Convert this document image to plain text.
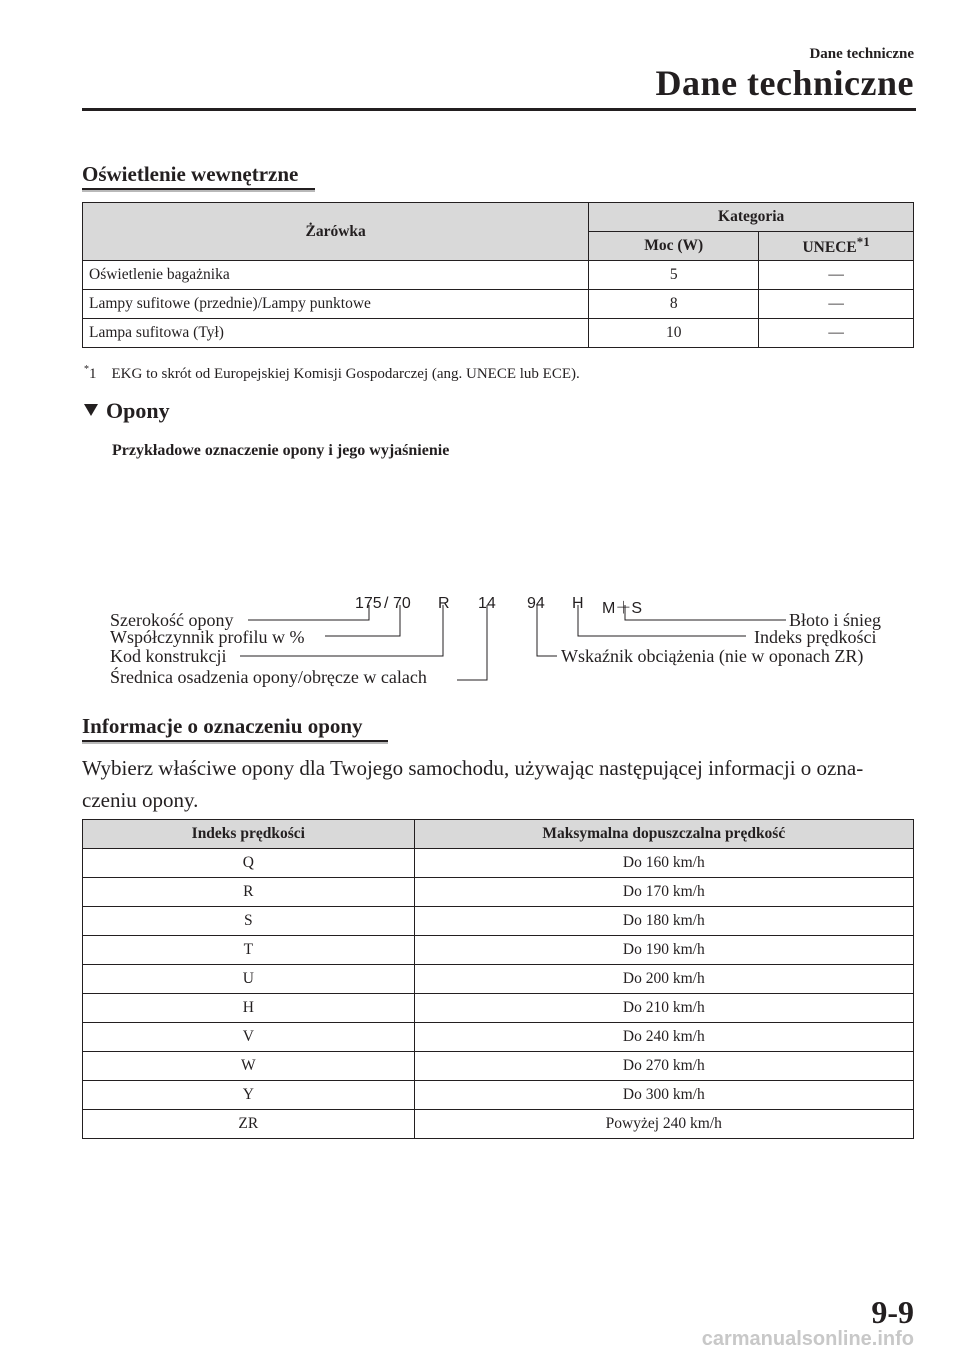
Dane techniczne
Dane techniczne
Oświetlenie wewnętrzne
Żarówka	Kategoria	
	Moc (W)	UNECE$^{*1}$
Oświetlenie bagażnika	5	―
Lampy sufitowe (przednie)/Lampy punktowe	8	―
Lampa sufitowa (Tył)	10	―
*1 EKG to skrót od Europejskiej Komisji Gospodarczej (ang. UNECE lub ECE).
Opony
Przykładowe oznaczenie opony i jego wyjaśnienie
175 / 70 R 14 94 H M＋S
Szerokość opony
Współczynnik profilu w %
Kod konstrukcji
Średnica osadzenia opony/obręcze w calach
Błoto i śnieg
Indeks prędkości
Wskaźnik obciążenia (nie w oponach ZR)
Informacje o oznaczeniu opony
Wybierz właściwe opony dla Twojego samochodu, używając następującej informacji o ozna-
czeniu opony.
Indeks prędkości	Maksymalna dopuszczalna prędkość
Q	Do 160 km/h
R	Do 170 km/h
S	Do 180 km/h
T	Do 190 km/h
U	Do 200 km/h
H	Do 210 km/h
V	Do 240 km/h
W	Do 270 km/h
Y	Do 300 km/h
ZR	Powyżej 240 km/h
9-9
carmanualsonline.info
